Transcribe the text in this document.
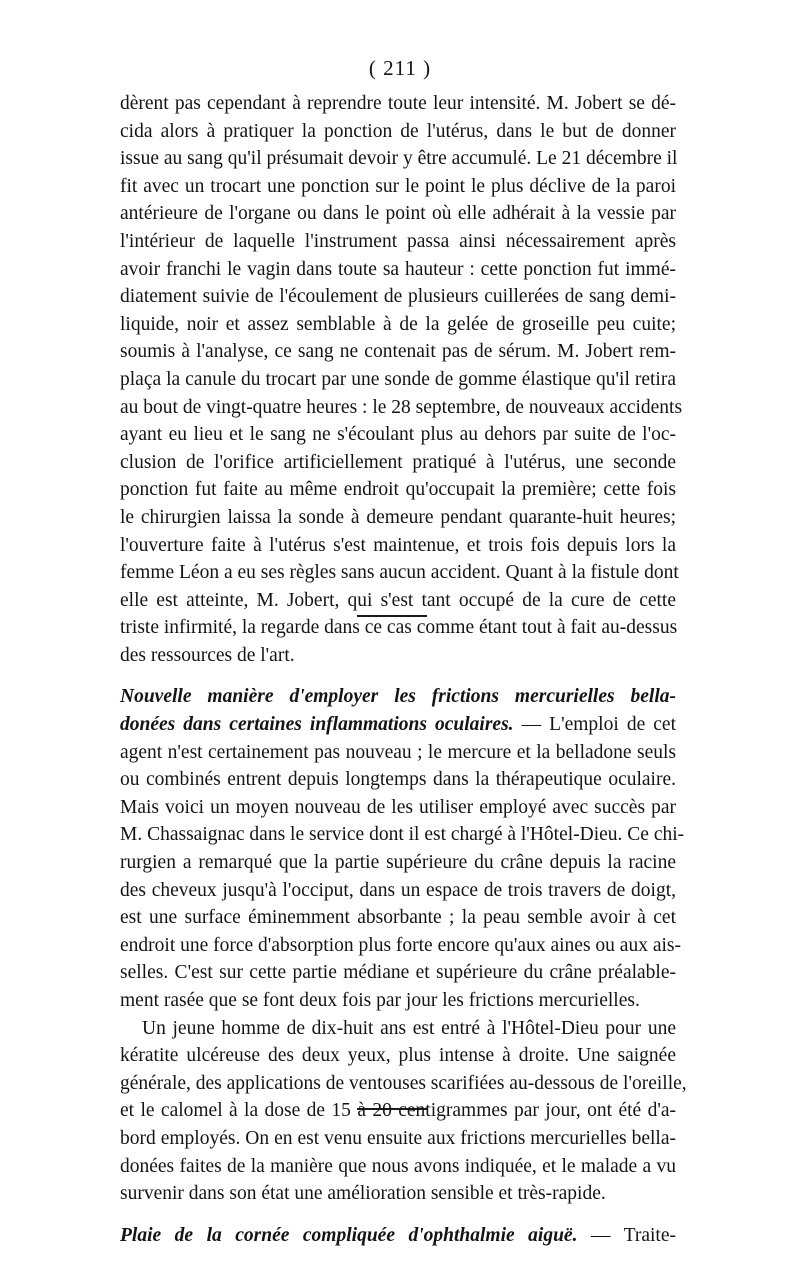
( 211 )
dèrent pas cependant à reprendre toute leur intensité. M. Jobert se dé-
cida alors à pratiquer la ponction de l'utérus, dans le but de donner
issue au sang qu'il présumait devoir y être accumulé. Le 21 décembre il
fit avec un trocart une ponction sur le point le plus déclive de la paroi
antérieure de l'organe ou dans le point où elle adhérait à la vessie par
l'intérieur de laquelle l'instrument passa ainsi nécessairement après
avoir franchi le vagin dans toute sa hauteur : cette ponction fut immé-
diatement suivie de l'écoulement de plusieurs cuillerées de sang demi-
liquide, noir et assez semblable à de la gelée de groseille peu cuite;
soumis à l'analyse, ce sang ne contenait pas de sérum. M. Jobert rem-
plaça la canule du trocart par une sonde de gomme élastique qu'il retira
au bout de vingt-quatre heures : le 28 septembre, de nouveaux accidents
ayant eu lieu et le sang ne s'écoulant plus au dehors par suite de l'oc-
clusion de l'orifice artificiellement pratiqué à l'utérus, une seconde
ponction fut faite au même endroit qu'occupait la première; cette fois
le chirurgien laissa la sonde à demeure pendant quarante-huit heures;
l'ouverture faite à l'utérus s'est maintenue, et trois fois depuis lors la
femme Léon a eu ses règles sans aucun accident. Quant à la fistule dont
elle est atteinte, M. Jobert, qui s'est tant occupé de la cure de cette
triste infirmité, la regarde dans ce cas comme étant tout à fait au-dessus
des ressources de l'art.
Nouvelle manière d'employer les frictions mercurielles bella-
donées dans certaines inflammations oculaires. — L'emploi de cet
agent n'est certainement pas nouveau ; le mercure et la belladone seuls
ou combinés entrent depuis longtemps dans la thérapeutique oculaire.
Mais voici un moyen nouveau de les utiliser employé avec succès par
M. Chassaignac dans le service dont il est chargé à l'Hôtel-Dieu. Ce chi-
rurgien a remarqué que la partie supérieure du crâne depuis la racine
des cheveux jusqu'à l'occiput, dans un espace de trois travers de doigt,
est une surface éminemment absorbante ; la peau semble avoir à cet
endroit une force d'absorption plus forte encore qu'aux aines ou aux ais-
selles. C'est sur cette partie médiane et supérieure du crâne préalable-
ment rasée que se font deux fois par jour les frictions mercurielles.
Un jeune homme de dix-huit ans est entré à l'Hôtel-Dieu pour une
kératite ulcéreuse des deux yeux, plus intense à droite. Une saignée
générale, des applications de ventouses scarifiées au-dessous de l'oreille,
et le calomel à la dose de 15 à 20 centigrammes par jour, ont été d'a-
bord employés. On en est venu ensuite aux frictions mercurielles bella-
donées faites de la manière que nous avons indiquée, et le malade a vu
survenir dans son état une amélioration sensible et très-rapide.
Plaie de la cornée compliquée d'ophthalmie aiguë. — Traite-
